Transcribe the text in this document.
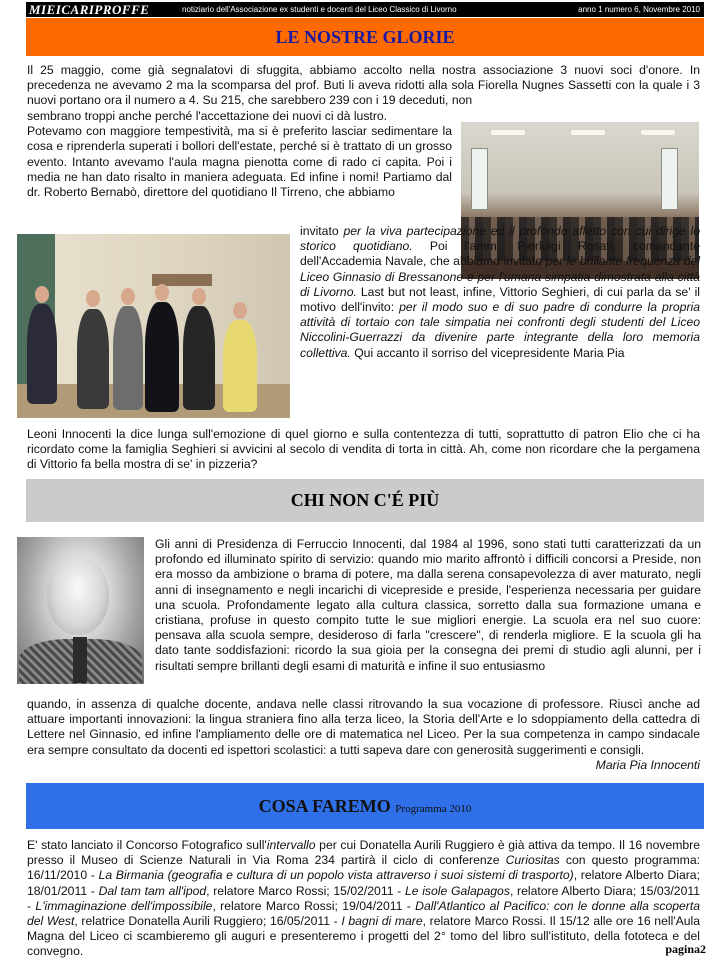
MIEICARIPROFFE	notiziario dell'Associazione ex studenti e docenti del Liceo Classico di Livorno	anno 1 numero 6, Novembre 2010
LE NOSTRE GLORIE
Il 25 maggio, come già segnalatovi di sfuggita, abbiamo accolto nella nostra associazione 3 nuovi soci d'onore. In precedenza ne avevamo 2 ma la scomparsa del prof. Buti li aveva ridotti alla sola Fiorella Nugnes Sassetti con la quale i 3 nuovi portano ora il numero a 4. Su 215, che sarebbero 239 con i 19 deceduti, non
sembrano troppi anche perché l'accettazione dei nuovi ci dà lustro.
Potevamo con maggiore tempestività, ma si è preferito lasciar sedimentare la cosa e riprenderla superati i bollori dell'estate, perché si è trattato di un grosso evento. Intanto avevamo l'aula magna pienotta come di rado ci capita. Poi i media ne han dato risalto in maniera adeguata. Ed infine i nomi! Partiamo dal dr. Roberto Bernabò, direttore del quotidiano Il Tirreno, che abbiamo
invitato per la viva partecipazione ed il profondo affetto con cui dirige lo storico quotidiano. Poi l'amm. Pierluigi Rosati, comandante dell'Accademia Navale, che abbiamo invitato per le brillante frequenza del Liceo Ginnasio di Bressanone e per l'umana simpatia dimostrata alla città di Livorno. Last but not least, infine, Vittorio Seghieri, di cui parla da se' il motivo dell'invito: per il modo suo e di suo padre di condurre la propria attività di tortaio con tale simpatia nei confronti degli studenti del Liceo Niccolini-Guerrazzi da divenire parte integrante della loro memoria collettiva. Qui accanto il sorriso del vicepresidente Maria Pia
Leoni Innocenti la dice lunga sull'emozione di quel giorno e sulla contentezza di tutti, soprattutto di patron Elio che ci ha ricordato come la famiglia Seghieri si avvicini al secolo di vendita di torta in città. Ah, come non ricordare che la pergamena di Vittorio fa bella mostra di se' in pizzeria?
CHI NON C'É PIÙ
Gli anni di Presidenza di Ferruccio Innocenti, dal 1984 al 1996, sono stati tutti caratterizzati da un profondo ed illuminato spirito di servizio: quando mio marito affrontò i difficili concorsi a Preside, non era mosso da ambizione o brama di potere, ma dalla serena consapevolezza di aver maturato, negli anni di insegnamento e negli incarichi di vicepreside e preside, l'esperienza necessaria per guidare una scuola. Profondamente legato alla cultura classica, sorretto dalla sua formazione umana e cristiana, profuse in questo compito tutte le sue migliori energie. La scuola era nel suo cuore: pensava alla scuola sempre, desideroso di farla "crescere", di renderla migliore. E la scuola gli ha dato tante soddisfazioni: ricordo la sua gioia per la consegna dei premi di studio agli alunni, per i risultati sempre brillanti degli esami di maturità e infine il suo entusiasmo
quando, in assenza di qualche docente, andava nelle classi ritrovando la sua vocazione di professore. Riuscì anche ad attuare importanti innovazioni: la lingua straniera fino alla terza liceo, la Storia dell'Arte e lo sdoppiamento della cattedra di Lettere nel Ginnasio, ed infine l'ampliamento delle ore di matematica nel Liceo. Per la sua competenza in campo sindacale era sempre consultato da docenti ed ispettori scolastici: a tutti sapeva dare con generosità suggerimenti e consigli.
Maria Pia Innocenti
COSA FAREMO Programma 2010
E' stato lanciato il Concorso Fotografico sull'intervallo per cui Donatella Aurili Ruggiero è già attiva da tempo. Il 16 novembre presso il Museo di Scienze Naturali in Via Roma 234 partirà il ciclo di conferenze Curiositas con questo programma: 16/11/2010 - La Birmania (geografia e cultura di un popolo vista attraverso i suoi sistemi di trasporto), relatore Alberto Diara; 18/01/2011 - Dal tam tam all'ipod, relatore Marco Rossi; 15/02/2011 - Le isole Galapagos, relatore Alberto Diara; 15/03/2011 - L'immaginazione dell'impossibile, relatore Marco Rossi; 19/04/2011 - Dall'Atlantico al Pacifico: con le donne alla scoperta del West, relatrice Donatella Aurili Ruggiero; 16/05/2011 - I bagni di mare, relatore Marco Rossi. Il 15/12 alle ore 16 nell'Aula Magna del Liceo ci scambieremo gli auguri e presenteremo i progetti del 2° tomo del libro sull'istituto, della fototeca e del convegno.	pagina2
